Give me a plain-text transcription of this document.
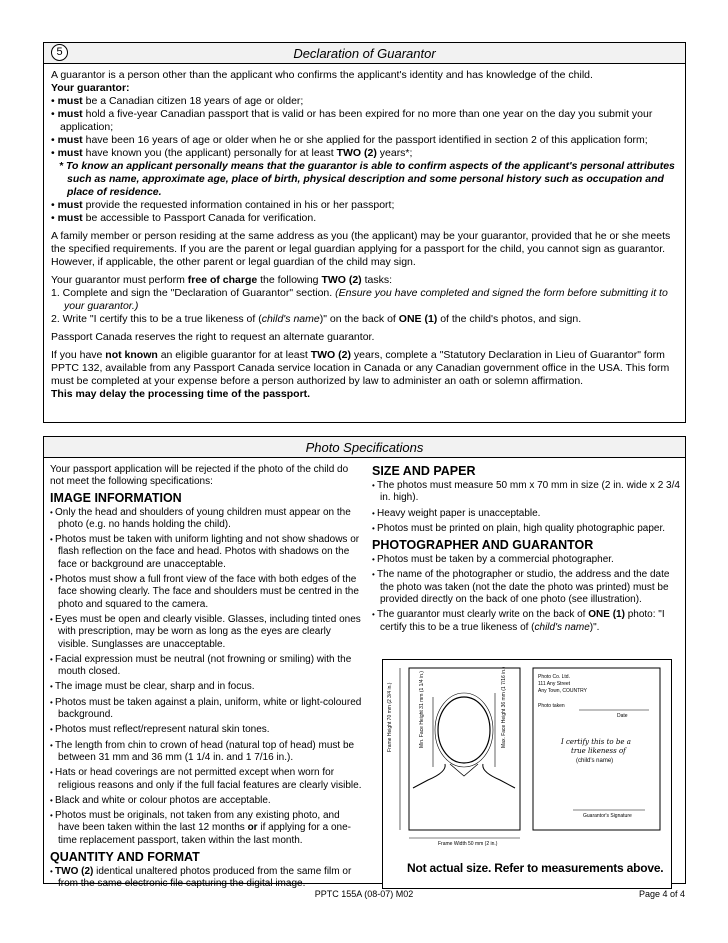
5	Declaration of Guarantor
A guarantor is a person other than the applicant who confirms the applicant's identity and has knowledge of the child.
Your guarantor:
• must be a Canadian citizen 18 years of age or older;
• must hold a five-year Canadian passport that is valid or has been expired for no more than one year on the day you submit your application;
• must have been 16 years of age or older when he or she applied for the passport identified in section 2 of this application form;
• must have known you (the applicant) personally for at least TWO (2) years*;
* To know an applicant personally means that the guarantor is able to confirm aspects of the applicant's personal attributes such as name, approximate age, place of birth, physical description and some personal history such as occupation and place of residence.
• must provide the requested information contained in his or her passport;
• must be accessible to Passport Canada for verification.

A family member or person residing at the same address as you (the applicant) may be your guarantor, provided that he or she meets the specified requirements. If you are the parent or legal guardian applying for a passport for the child, you cannot sign as guarantor. However, if applicable, the other parent or legal guardian of the child may sign.

Your guarantor must perform free of charge the following TWO (2) tasks:
1. Complete and sign the "Declaration of Guarantor" section. (Ensure you have completed and signed the form before submitting it to your guarantor.)
2. Write "I certify this to be a true likeness of (child's name)" on the back of ONE (1) of the child's photos, and sign.

Passport Canada reserves the right to request an alternate guarantor.

If you have not known an eligible guarantor for at least TWO (2) years, complete a "Statutory Declaration in Lieu of Guarantor" form PPTC 132, available from any Passport Canada service location in Canada or any Canadian government office in the USA. This form must be completed at your expense before a person authorized by law to administer an oath or solemn affirmation.
This may delay the processing time of the passport.
Photo Specifications
Your passport application will be rejected if the photo of the child do not meet the following specifications:
IMAGE INFORMATION
• Only the head and shoulders of young children must appear on the photo (e.g. no hands holding the child).
• Photos must be taken with uniform lighting and not show shadows or flash reflection on the face and head. Photos with shadows on the face or background are unacceptable.
• Photos must show a full front view of the face with both edges of the face showing clearly. The face and shoulders must be centred in the photo and squared to the camera.
• Eyes must be open and clearly visible. Glasses, including tinted ones with prescription, may be worn as long as the eyes are clearly visible. Sunglasses are unacceptable.
• Facial expression must be neutral (not frowning or smiling) with the mouth closed.
• The image must be clear, sharp and in focus.
• Photos must be taken against a plain, uniform, white or light-coloured background.
• Photos must reflect/represent natural skin tones.
• The length from chin to crown of head (natural top of head) must be between 31 mm and 36 mm (1 1/4 in. and 1 7/16 in.).
• Hats or head coverings are not permitted except when worn for religious reasons and only if the full facial features are clearly visible.
• Black and white or colour photos are acceptable.
• Photos must be originals, not taken from any existing photo, and have been taken within the last 12 months or if applying for a one-time replacement passport, taken within the last month.
QUANTITY AND FORMAT
• TWO (2) identical unaltered photos produced from the same film or from the same electronic file capturing the digital image.
SIZE AND PAPER
• The photos must measure 50 mm x 70 mm in size (2 in. wide x 2 3/4 in. high).
• Heavy weight paper is unacceptable.
• Photos must be printed on plain, high quality photographic paper.
PHOTOGRAPHER AND GUARANTOR
• Photos must be taken by a commercial photographer.
• The name of the photographer or studio, the address and the date the photo was taken (not the date the photo was printed) must be provided directly on the back of one photo (see illustration).
• The guarantor must clearly write on the back of ONE (1) photo: "I certify this to be a true likeness of (child's name)".
Frame Height 70 mm (2 3/4 in.)	Min. Face Height 31 mm (1 1/4 in.)	Max. Face Height 36 mm (1 7/16 in.)
Frame Width 50 mm (2 in.)
Photo Co. Ltd.
111 Any Street
Any Town, COUNTRY
Photo taken
Date
I certify this to be a
true likeness of
(child's name)
Guarantor's Signature
Not actual size. Refer to measurements above.
PPTC 155A (08-07) M02	Page 4 of 4
